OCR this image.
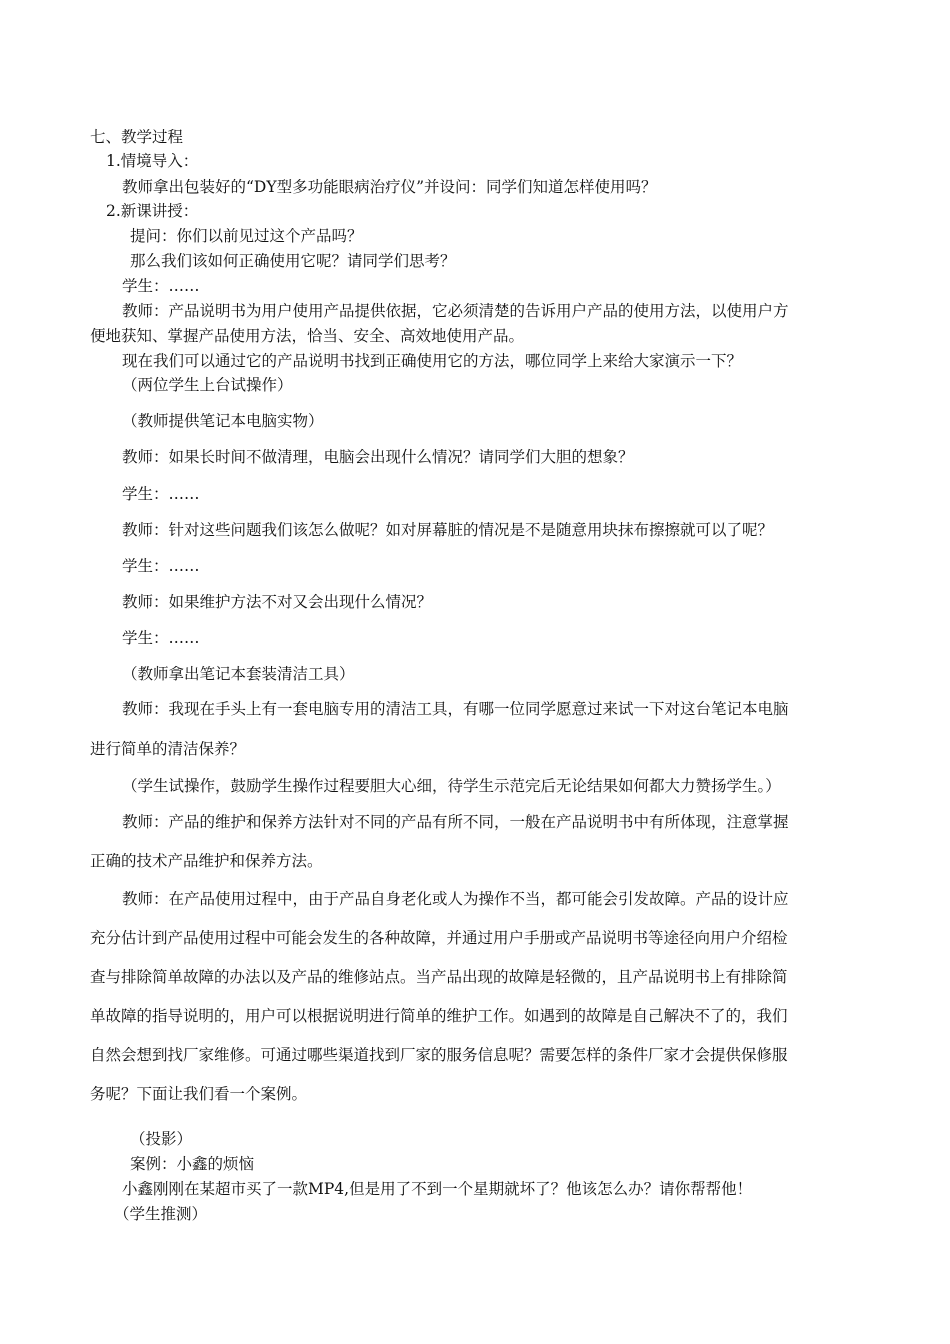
七、教学过程
1.情境导入：
教师拿出包装好的“DY型多功能眼病治疗仪”并设问：同学们知道怎样使用吗？
2.新课讲授：
提问：你们以前见过这个产品吗？
那么我们该如何正确使用它呢？请同学们思考？
学生：……
教师：产品说明书为用户使用产品提供依据，它必须清楚的告诉用户产品的使用方法，以使用户方
便地获知、掌握产品使用方法，恰当、安全、高效地使用产品。
现在我们可以通过它的产品说明书找到正确使用它的方法，哪位同学上来给大家演示一下？
（两位学生上台试操作）
（教师提供笔记本电脑实物）
教师：如果长时间不做清理，电脑会出现什么情况？请同学们大胆的想象？
学生：……
教师：针对这些问题我们该怎么做呢？如对屏幕脏的情况是不是随意用块抹布擦擦就可以了呢？
学生：……
教师：如果维护方法不对又会出现什么情况？
学生：……
（教师拿出笔记本套装清洁工具）
教师：我现在手头上有一套电脑专用的清洁工具，有哪一位同学愿意过来试一下对这台笔记本电脑
进行简单的清洁保养？
（学生试操作，鼓励学生操作过程要胆大心细，待学生示范完后无论结果如何都大力赞扬学生。）
教师：产品的维护和保养方法针对不同的产品有所不同，一般在产品说明书中有所体现，注意掌握
正确的技术产品维护和保养方法。
教师：在产品使用过程中，由于产品自身老化或人为操作不当，都可能会引发故障。产品的设计应
充分估计到产品使用过程中可能会发生的各种故障，并通过用户手册或产品说明书等途径向用户介绍检
查与排除简单故障的办法以及产品的维修站点。当产品出现的故障是轻微的，且产品说明书上有排除简
单故障的指导说明的，用户可以根据说明进行简单的维护工作。如遇到的故障是自己解决不了的，我们
自然会想到找厂家维修。可通过哪些渠道找到厂家的服务信息呢？需要怎样的条件厂家才会提供保修服
务呢？下面让我们看一个案例。
（投影）
案例：小鑫的烦恼
小鑫刚刚在某超市买了一款MP4,但是用了不到一个星期就坏了？他该怎么办？请你帮帮他！
（学生推测）
